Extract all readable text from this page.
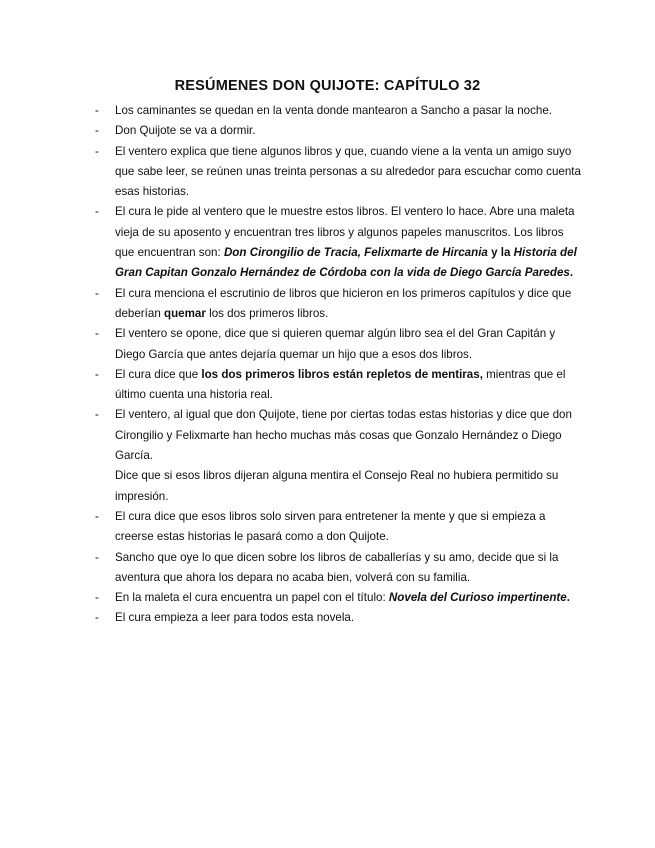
RESÚMENES DON QUIJOTE: CAPÍTULO 32
-	Los caminantes se quedan en la venta donde mantearon a Sancho a pasar la noche.
-	Don Quijote se va a dormir.
-	El ventero explica que tiene algunos libros y que, cuando viene a la venta un amigo suyo que sabe leer, se reúnen unas treinta personas a su alrededor para escuchar como cuenta esas historias.
-	El cura le pide al ventero que le muestre estos libros. El ventero lo hace. Abre una maleta vieja de su aposento y encuentran tres libros y algunos papeles manuscritos. Los libros que encuentran son: Don Cirongilio de Tracia, Felixmarte de Hircania y la Historia del Gran Capitan Gonzalo Hernández de Córdoba con la vida de Diego García Paredes.
-	El cura menciona el escrutinio de libros que hicieron en los primeros capítulos y dice que deberían quemar los dos primeros libros.
-	El ventero se opone, dice que si quieren quemar algún libro sea el del Gran Capitán y Diego García que antes dejaría quemar un hijo que a esos dos libros.
-	El cura dice que los dos primeros libros están repletos de mentiras, mientras que el último cuenta una historia real.
-	El ventero, al igual que don Quijote, tiene por ciertas todas estas historias y dice que don Cirongilio y Felixmarte han hecho muchas más cosas que Gonzalo Hernández o Diego García.
Dice que si esos libros dijeran alguna mentira el Consejo Real no hubiera permitido su impresión.
-	El cura dice que esos libros solo sirven para entretener la mente y que si empieza a creerse estas historias le pasará como a don Quijote.
-	Sancho que oye lo que dicen sobre los libros de caballerías y su amo, decide que si la aventura que ahora los depara no acaba bien, volverá con su familia.
-	En la maleta el cura encuentra un papel con el título: Novela del Curioso impertinente.
-	El cura empieza a leer para todos esta novela.
